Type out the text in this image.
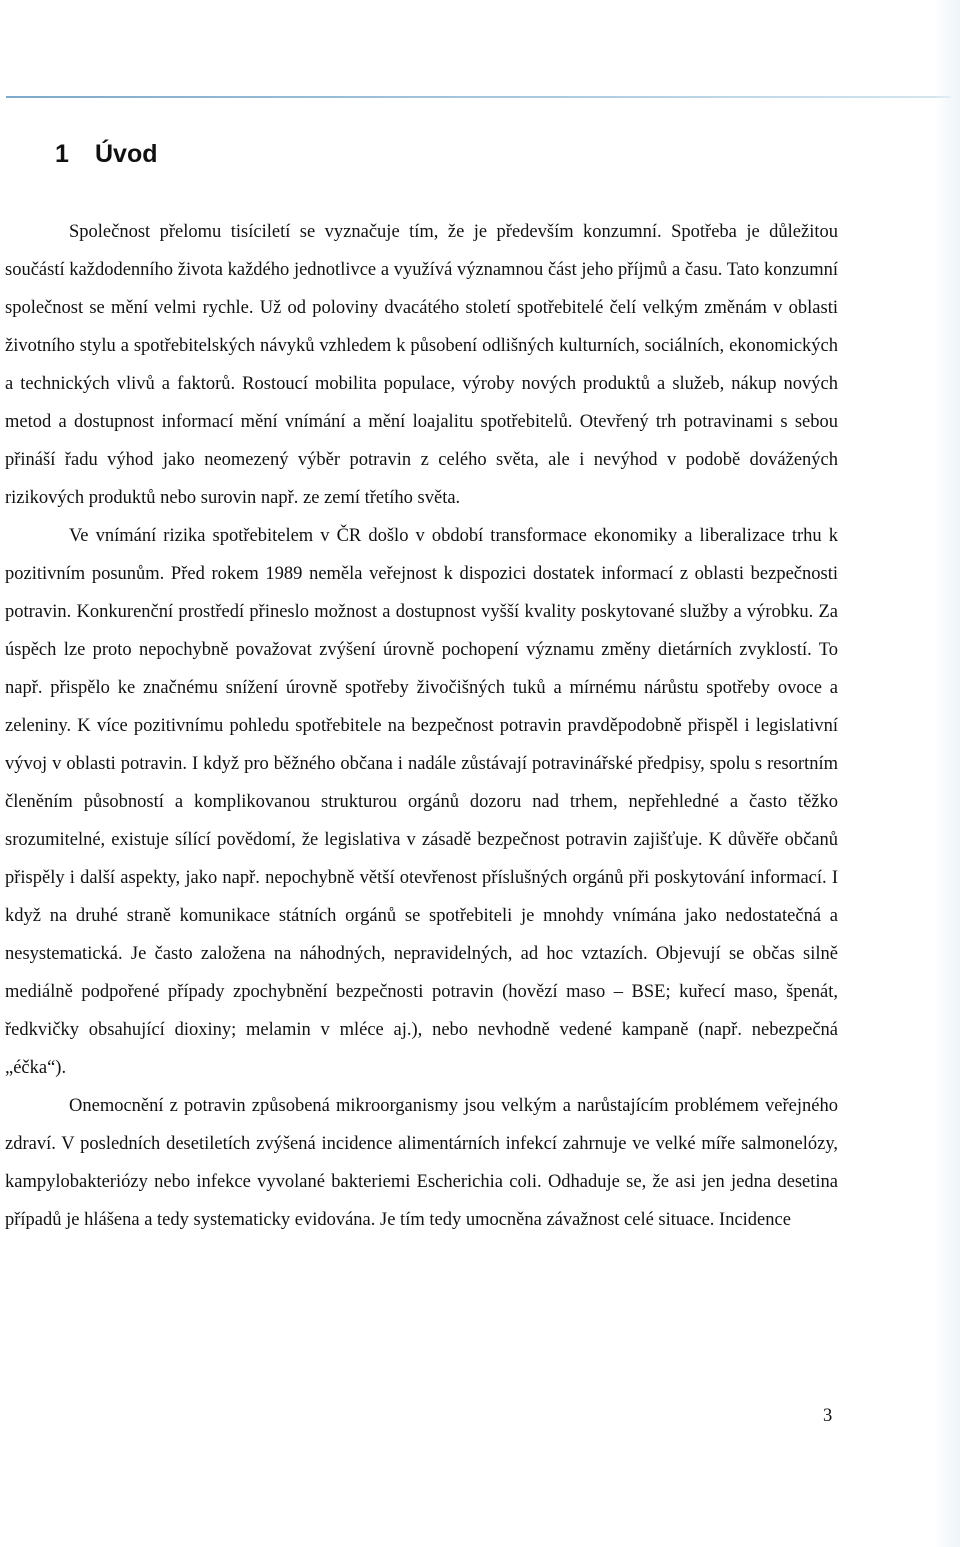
1 Úvod

Společnost přelomu tisíciletí se vyznačuje tím, že je především konzumní. Spotřeba je důležitou součástí každodenního života každého jednotlivce a využívá významnou část jeho příjmů a času. Tato konzumní společnost se mění velmi rychle. Už od poloviny dvacátého století spotřebitelé čelí velkým změnám v oblasti životního stylu a spotřebitelských návyků vzhledem k působení odlišných kulturních, sociálních, ekonomických a technických vlivů a faktorů. Rostoucí mobilita populace, výroby nových produktů a služeb, nákup nových metod a dostupnost informací mění vnímání a mění loajalitu spotřebitelů. Otevřený trh potravinami s sebou přináší řadu výhod jako neomezený výběr potravin z celého světa, ale i nevýhod v podobě dovážených rizikových produktů nebo surovin např. ze zemí třetího světa.

Ve vnímání rizika spotřebitelem v ČR došlo v období transformace ekonomiky a liberalizace trhu k pozitivním posunům. Před rokem 1989 neměla veřejnost k dispozici dostatek informací z oblasti bezpečnosti potravin. Konkurenční prostředí přineslo možnost a dostupnost vyšší kvality poskytované služby a výrobku. Za úspěch lze proto nepochybně považovat zvýšení úrovně pochopení významu změny dietárních zvyklostí. To např. přispělo ke značnému snížení úrovně spotřeby živočišných tuků a mírnému nárůstu spotřeby ovoce a zeleniny. K více pozitivnímu pohledu spotřebitele na bezpečnost potravin pravděpodobně přispěl i legislativní vývoj v oblasti potravin. I když pro běžného občana i nadále zůstávají potravinářské předpisy, spolu s resortním členěním působností a komplikovanou strukturou orgánů dozoru nad trhem, nepřehledné a často těžko srozumitelné, existuje sílící povědomí, že legislativa v zásadě bezpečnost potravin zajišťuje. K důvěře občanů přispěly i další aspekty, jako např. nepochybně větší otevřenost příslušných orgánů při poskytování informací. I když na druhé straně komunikace státních orgánů se spotřebiteli je mnohdy vnímána jako nedostatečná a nesystematická. Je často založena na náhodných, nepravidelných, ad hoc vztazích. Objevují se občas silně mediálně podpořené případy zpochybnění bezpečnosti potravin (hovězí maso – BSE; kuřecí maso, špenát, ředkvičky obsahující dioxiny; melamin v mléce aj.), nebo nevhodně vedené kampaně (např. nebezpečná „éčka“).

Onemocnění z potravin způsobená mikroorganismy jsou velkým a narůstajícím problémem veřejného zdraví. V posledních desetiletích zvýšená incidence alimentárních infekcí zahrnuje ve velké míře salmonelózy, kampylobakteriózy nebo infekce vyvolané bakteriemi Escherichia coli. Odhaduje se, že asi jen jedna desetina případů je hlášena a tedy systematicky evidována. Je tím tedy umocněna závažnost celé situace. Incidence

3
